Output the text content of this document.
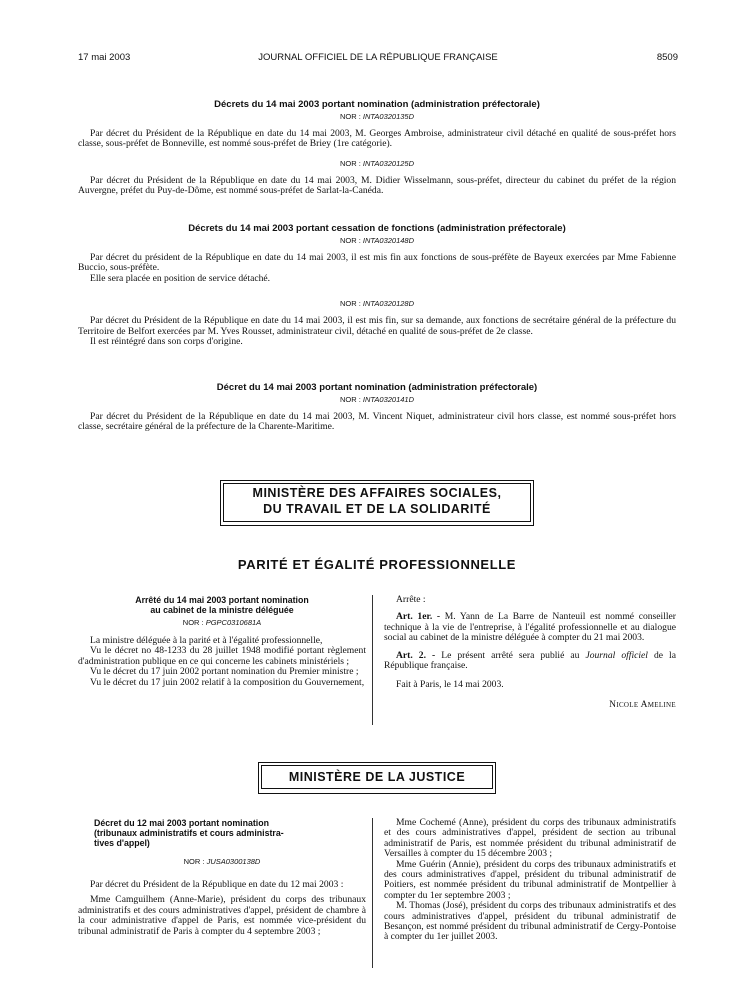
17 mai 2003	JOURNAL OFFICIEL DE LA RÉPUBLIQUE FRANÇAISE	8509
Décrets du 14 mai 2003 portant nomination (administration préfectorale)
NOR : INTA0320135D

Par décret du Président de la République en date du 14 mai 2003, M. Georges Ambroise, administrateur civil détaché en qualité de sous-préfet hors classe, sous-préfet de Bonneville, est nommé sous-préfet de Briey (1re catégorie).

NOR : INTA0320125D

Par décret du Président de la République en date du 14 mai 2003, M. Didier Wisselmann, sous-préfet, directeur du cabinet du préfet de la région Auvergne, préfet du Puy-de-Dôme, est nommé sous-préfet de Sarlat-la-Canéda.

Décrets du 14 mai 2003 portant cessation de fonctions (administration préfectorale)
NOR : INTA0320148D

Par décret du président de la République en date du 14 mai 2003, il est mis fin aux fonctions de sous-préfète de Bayeux exercées par Mme Fabienne Buccio, sous-préfète.

Elle sera placée en position de service détaché.

NOR : INTA0320128D

Par décret du Président de la République en date du 14 mai 2003, il est mis fin, sur sa demande, aux fonctions de secrétaire général de la préfecture du Territoire de Belfort exercées par M. Yves Rousset, administrateur civil, détaché en qualité de sous-préfet de 2e classe.

Il est réintégré dans son corps d'origine.

Décret du 14 mai 2003 portant nomination (administration préfectorale)
NOR : INTA0320141D

Par décret du Président de la République en date du 14 mai 2003, M. Vincent Niquet, administrateur civil hors classe, est nommé sous-préfet hors classe, secrétaire général de la préfecture de la Charente-Maritime.

MINISTÈRE DES AFFAIRES SOCIALES,
DU TRAVAIL ET DE LA SOLIDARITÉ
PARITÉ ET ÉGALITÉ PROFESSIONNELLE
Arrêté du 14 mai 2003 portant nomination
au cabinet de la ministre déléguée
NOR : PGPC0310681A

La ministre déléguée à la parité et à l'égalité professionnelle,

Vu le décret no 48-1233 du 28 juillet 1948 modifié portant règlement d'administration publique en ce qui concerne les cabinets ministériels ;

Vu le décret du 17 juin 2002 portant nomination du Premier ministre ;

Vu le décret du 17 juin 2002 relatif à la composition du Gouvernement,

Arrête :

Art. 1er. - M. Yann de La Barre de Nanteuil est nommé conseiller technique à la vie de l'entreprise, à l'égalité professionnelle et au dialogue social au cabinet de la ministre déléguée à compter du 21 mai 2003.

Art. 2. - Le présent arrêté sera publié au Journal officiel de la République française.

Fait à Paris, le 14 mai 2003.

Nicole Ameline
MINISTÈRE DE LA JUSTICE
Décret du 12 mai 2003 portant nomination
(tribunaux administratifs et cours administra-
tives d'appel)
NOR : JUSA0300138D

Par décret du Président de la République en date du 12 mai 2003 :

Mme Camguilhem (Anne-Marie), président du corps des tribunaux administratifs et des cours administratives d'appel, président de chambre à la cour administrative d'appel de Paris, est nommée vice-président du tribunal administratif de Paris à compter du 4 septembre 2003 ;

Mme Cochemé (Anne), président du corps des tribunaux administratifs et des cours administratives d'appel, président de section au tribunal administratif de Paris, est nommée président du tribunal administratif de Versailles à compter du 15 décembre 2003 ;

Mme Guérin (Annie), président du corps des tribunaux administratifs et des cours administratives d'appel, président du tribunal administratif de Poitiers, est nommée président du tribunal administratif de Montpellier à compter du 1er septembre 2003 ;

M. Thomas (José), président du corps des tribunaux administratifs et des cours administratives d'appel, président du tribunal administratif de Besançon, est nommé président du tribunal administratif de Cergy-Pontoise à compter du 1er juillet 2003.
